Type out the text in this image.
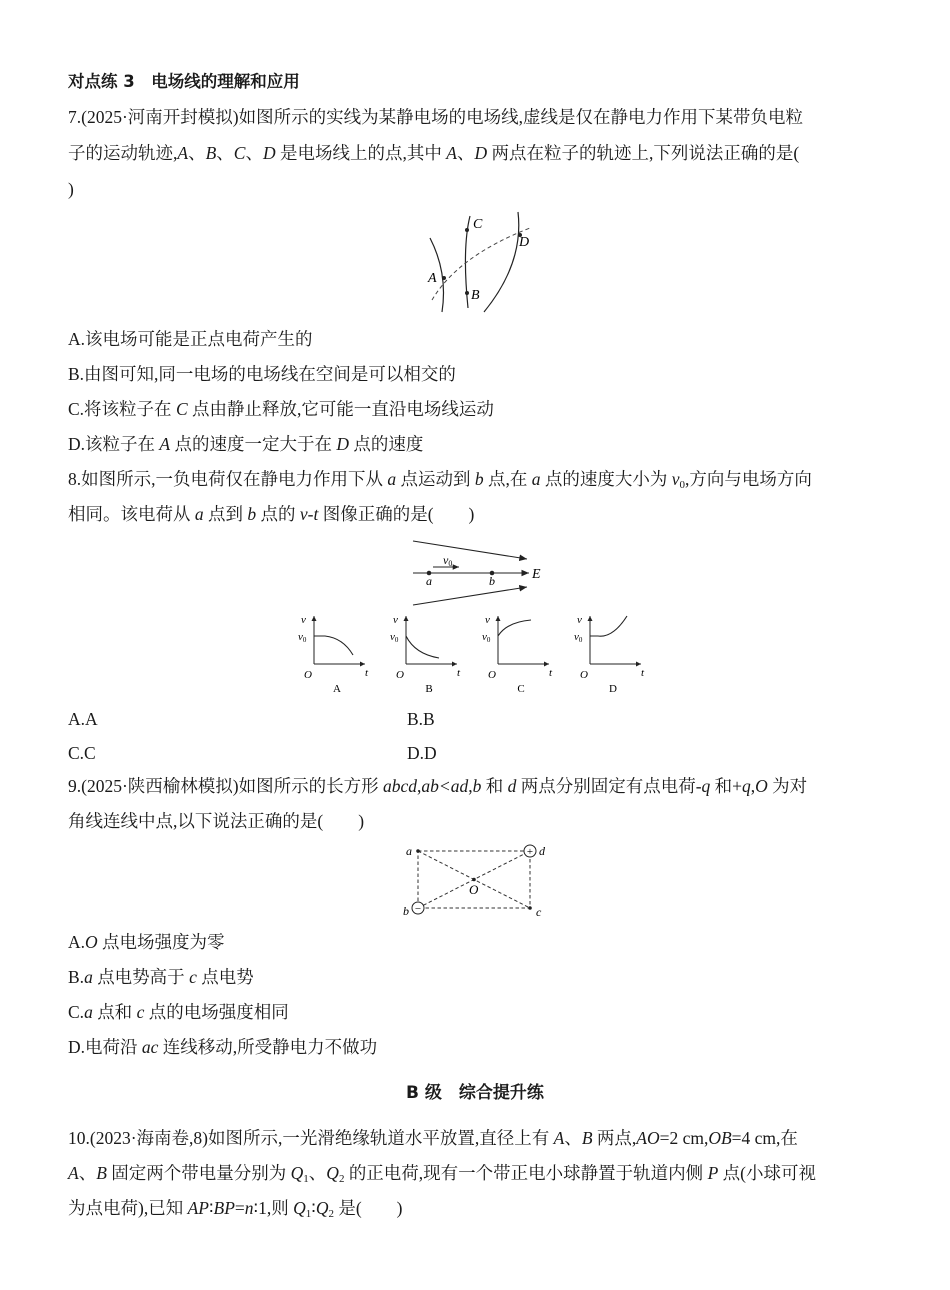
对点练 3　电场线的理解和应用
7.(2025·河南开封模拟)如图所示的实线为某静电场的电场线,虚线是仅在静电力作用下某带负电粒
子的运动轨迹,A、B、C、D 是电场线上的点,其中 A、D 两点在粒子的轨迹上,下列说法正确的是(
)
A
B
C
D
A.该电场可能是正点电荷产生的
B.由图可知,同一电场的电场线在空间是可以相交的
C.将该粒子在 C 点由静止释放,它可能一直沿电场线运动
D.该粒子在 A 点的速度一定大于在 D 点的速度
8.如图所示,一负电荷仅在静电力作用下从 a 点运动到 b 点,在 a 点的速度大小为 $v_0$,方向与电场方向
相同。该电荷从 a 点到 b 点的 v-t 图像正确的是(　　)
v0
a	b	E
v
v0
O	t
A
v
v0
O	t
B
v
v0
O	t
C
v
v0
O	t
D
A.A	B.B
C.C	D.D
9.(2025·陕西榆林模拟)如图所示的长方形 abcd,ab<ad,b 和 d 两点分别固定有点电荷-q 和+q,O 为对
角线连线中点,以下说法正确的是(　　)
+
−
a
b	c
d
O
A.O 点电场强度为零
B.a 点电势高于 c 点电势
C.a 点和 c 点的电场强度相同
D.电荷沿 ac 连线移动,所受静电力不做功
B 级　综合提升练
10.(2023·海南卷,8)如图所示,一光滑绝缘轨道水平放置,直径上有 A、B 两点,AO=2 cm,OB=4 cm,在
A、B 固定两个带电量分别为 $Q_1$、$Q_2$ 的正电荷,现有一个带正电小球静置于轨道内侧 P 点(小球可视
为点电荷),已知 AP∶BP=n∶1,则 $Q_1∶Q_2$ 是(　　)
